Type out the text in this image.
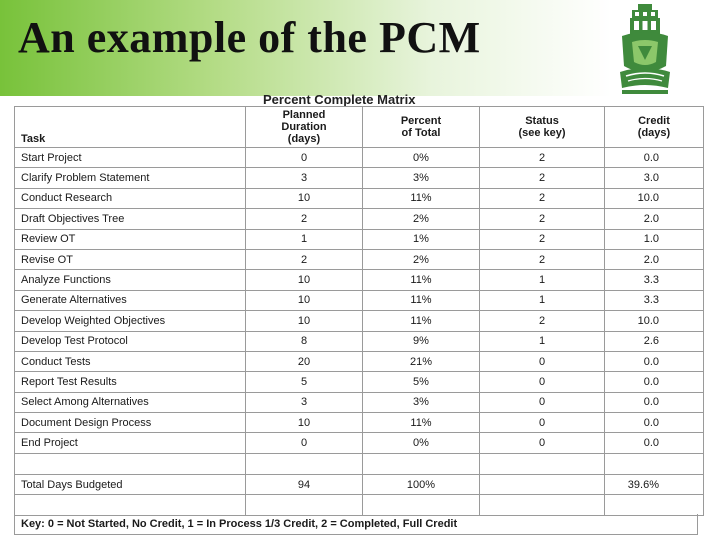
An example of the PCM
Percent Complete Matrix
Task	Planned
Duration
(days)	Percent
of Total	Status
(see key)	Credit
(days)
Start Project	0	0%	2	0.0
Clarify Problem Statement	3	3%	2	3.0
Conduct Research	10	11%	2	10.0
Draft Objectives Tree	2	2%	2	2.0
Review OT	1	1%	2	1.0
Revise OT	2	2%	2	2.0
Analyze Functions	10	11%	1	3.3
Generate Alternatives	10	11%	1	3.3
Develop Weighted Objectives	10	11%	2	10.0
Develop Test Protocol	8	9%	1	2.6
Conduct Tests	20	21%	0	0.0
Report Test Results	5	5%	0	0.0
Select Among Alternatives	3	3%	0	0.0
Document Design Process	10	11%	0	0.0
End Project	0	0%	0	0.0

Total Days Budgeted	94	100%		39.6%

Key: 0 = Not Started, No Credit, 1 = In Process 1/3 Credit, 2 = Completed, Full Credit
